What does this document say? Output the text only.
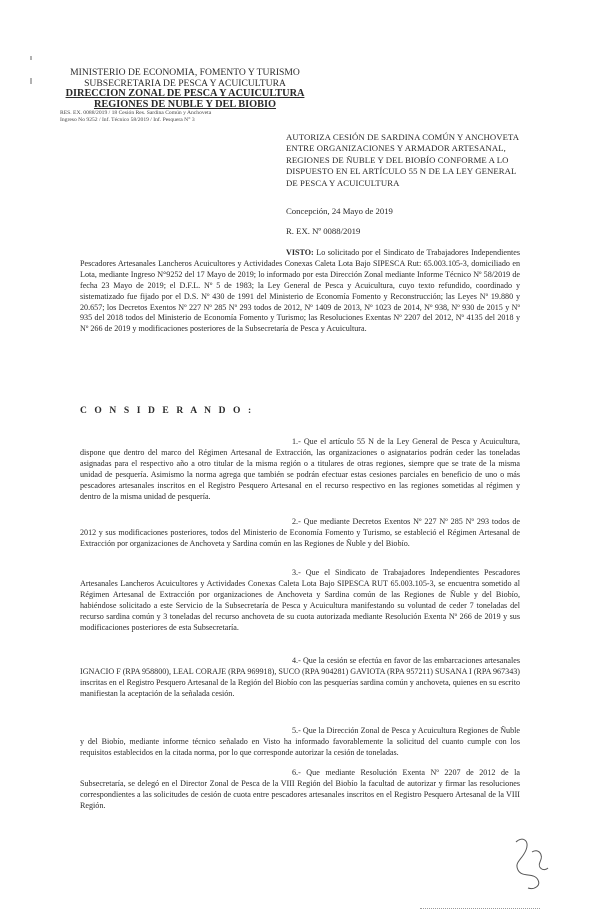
MINISTERIO DE ECONOMÍA, FOMENTO Y TURISMO
SUBSECRETARÍA DE PESCA Y ACUICULTURA
DIRECCION ZONAL DE PESCA Y ACUICULTURA
REGIONES DE ÑUBLE Y DEL BIOBIO
RES. EX. 0088/2019 / 18 Cesión Res. Sardina Común y Anchoveta
Ingreso No 9252 / Inf. Técnico 58/2019 / Inf. Pesquera N° 3
AUTORIZA CESIÓN DE SARDINA COMÚN Y ANCHOVETA ENTRE ORGANIZACIONES Y ARMADOR ARTESANAL, REGIONES DE ÑUBLE Y DEL BIOBÍO CONFORME A LO DISPUESTO EN EL ARTÍCULO 55 N DE LA LEY GENERAL DE PESCA Y ACUICULTURA
Concepción, 24 Mayo de 2019
R. EX. Nº 0088/2019
VISTO: Lo solicitado por el Sindicato de Trabajadores Independientes Pescadores Artesanales Lancheros Acuicultores y Actividades Conexas Caleta Lota Bajo SIPESCA Rut: 65.003.105-3, domiciliado en Lota, mediante Ingreso N°9252 del 17 Mayo de 2019; lo informado por esta Dirección Zonal mediante Informe Técnico Nº 58/2019 de fecha 23 Mayo de 2019; el D.F.L. Nº 5 de 1983; la Ley General de Pesca y Acuicultura, cuyo texto refundido, coordinado y sistematizado fue fijado por el D.S. Nº 430 de 1991 del Ministerio de Economía Fomento y Reconstrucción; las Leyes Nº 19.880 y 20.657; los Decretos Exentos Nº 227 Nº 285 Nº 293 todos de 2012, Nº 1409 de 2013, Nº 1023 de 2014, Nº 938, Nº 930 de 2015 y Nº 935 del 2018 todos del Ministerio de Economía Fomento y Turismo; las Resoluciones Exentas Nº 2207 del 2012, Nº 4135 del 2018 y Nº 266 de 2019 y modificaciones posteriores de la Subsecretaría de Pesca y Acuicultura.
C O N S I D E R A N D O :
1.- Que el artículo 55 N de la Ley General de Pesca y Acuicultura, dispone que dentro del marco del Régimen Artesanal de Extracción, las organizaciones o asignatarios podrán ceder las toneladas asignadas para el respectivo año a otro titular de la misma región o a titulares de otras regiones, siempre que se trate de la misma unidad de pesquería. Asimismo la norma agrega que también se podrán efectuar estas cesiones parciales en beneficio de uno o más pescadores artesanales inscritos en el Registro Pesquero Artesanal en el recurso respectivo en las regiones sometidas al régimen y dentro de la misma unidad de pesquería.
2.- Que mediante Decretos Exentos Nº 227 Nº 285 Nº 293 todos de 2012 y sus modificaciones posteriores, todos del Ministerio de Economía Fomento y Turismo, se estableció el Régimen Artesanal de Extracción por organizaciones de Anchoveta y Sardina común en las Regiones de Ñuble y del Biobío.
3.- Que el Sindicato de Trabajadores Independientes Pescadores Artesanales Lancheros Acuicultores y Actividades Conexas Caleta Lota Bajo SIPESCA RUT 65.003.105-3, se encuentra sometido al Régimen Artesanal de Extracción por organizaciones de Anchoveta y Sardina común de las Regiones de Ñuble y del Biobío, habiéndose solicitado a este Servicio de la Subsecretaría de Pesca y Acuicultura manifestando su voluntad de ceder 7 toneladas del recurso sardina común y 3 toneladas del recurso anchoveta de su cuota autorizada mediante Resolución Exenta Nº 266 de 2019 y sus modificaciones posteriores de esta Subsecretaría.
4.- Que la cesión se efectúa en favor de las embarcaciones artesanales IGNACIO F (RPA 958800), LEAL CORAJE (RPA 969918), SUCO (RPA 904281) GAVIOTA (RPA 957211) SUSANA I (RPA 967343) inscritas en el Registro Pesquero Artesanal de la Región del Biobío con las pesquerías sardina común y anchoveta, quienes en su escrito manifiestan la aceptación de la señalada cesión.
5.- Que la Dirección Zonal de Pesca y Acuicultura Regiones de Ñuble y del Biobío, mediante informe técnico señalado en Visto ha informado favorablemente la solicitud del cuanto cumple con los requisitos establecidos en la citada norma, por lo que corresponde autorizar la cesión de toneladas.
6.- Que mediante Resolución Exenta Nº 2207 de 2012 de la Subsecretaría, se delegó en el Director Zonal de Pesca de la VIII Región del Biobío la facultad de autorizar y firmar las resoluciones correspondientes a las solicitudes de cesión de cuota entre pescadores artesanales inscritos en el Registro Pesquero Artesanal de la VIII Región.
